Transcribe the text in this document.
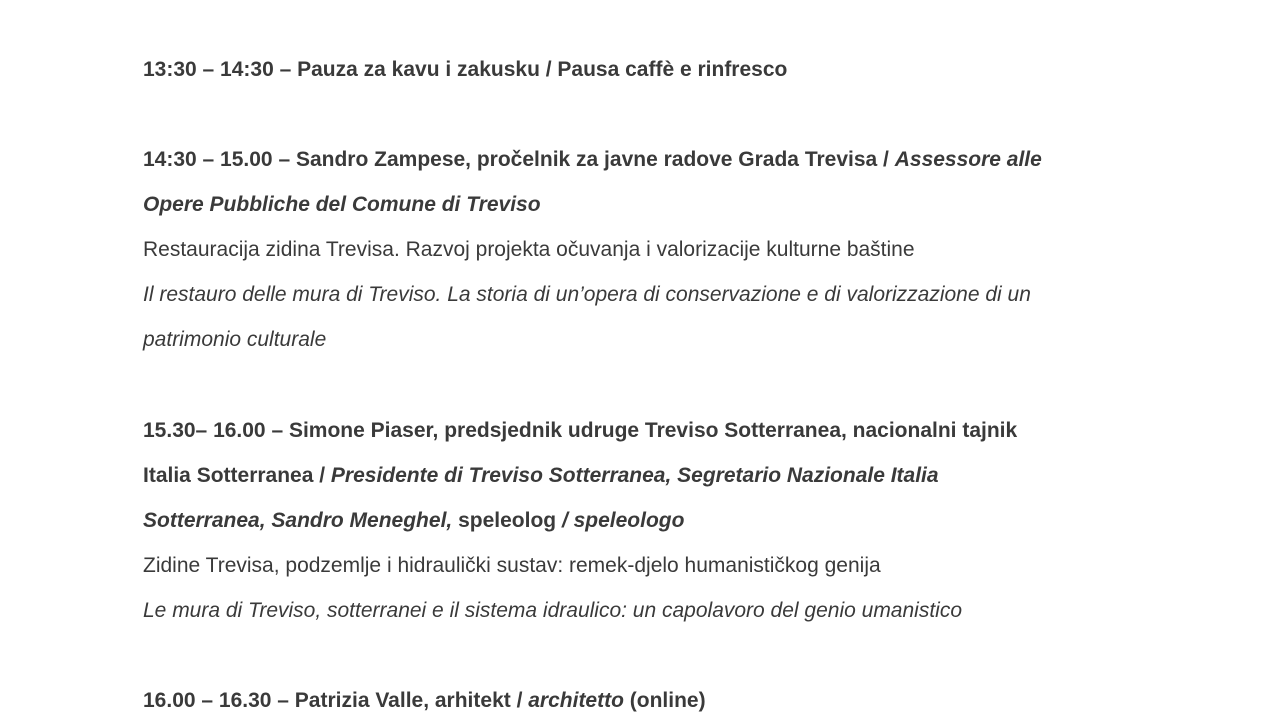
13:30 – 14:30 – Pauza za kavu i zakusku / Pausa caffè e rinfresco
14:30 – 15.00 – Sandro Zampese, pročelnik za javne radove Grada Trevisa / Assessore alle
Opere Pubbliche del Comune di Treviso
Restauracija zidina Trevisa. Razvoj projekta očuvanja i valorizacije kulturne baštine
Il restauro delle mura di Treviso. La storia di un’opera di conservazione e di valorizzazione di un
patrimonio culturale
15.30– 16.00 – Simone Piaser, predsjednik udruge Treviso Sotterranea, nacionalni tajnik
Italia Sotterranea / Presidente di Treviso Sotterranea, Segretario Nazionale Italia
Sotterranea, Sandro Meneghel, speleolog / speleologo
Zidine Trevisa, podzemlje i hidraulički sustav: remek-djelo humanističkog genija
Le mura di Treviso, sotterranei e il sistema idraulico: un capolavoro del genio umanistico
16.00 – 16.30 – Patrizia Valle, arhitekt / architetto (online)
